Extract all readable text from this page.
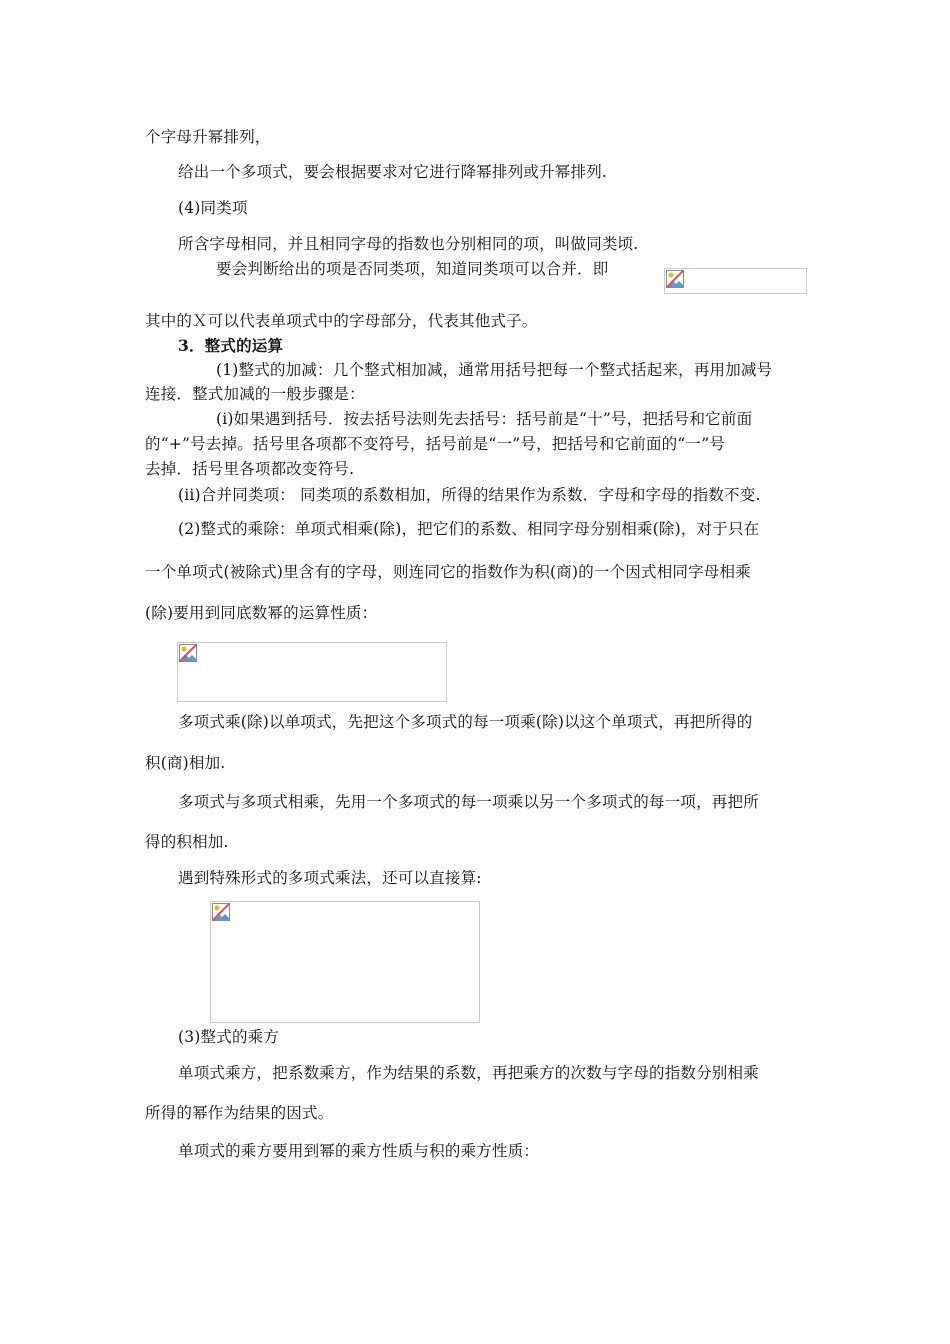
个字母升幂排列，
给出一个多项式，要会根据要求对它进行降幂排列或升幂排列.
(4)同类项
所含字母相同，并且相同字母的指数也分别相同的项，叫做同类顷.
要会判断给出的项是否同类项，知道同类项可以合并．即
其中的Ｘ可以代表单项式中的字母部分，代表其他式子。
3．整式的运算
(1)整式的加减：几个整式相加减，通常用括号把每一个整式括起来，再用加减号
连接．整式加减的一般步骤是：
(i)如果遇到括号．按去括号法则先去括号：括号前是“十”号，把括号和它前面
的“+”号去掉。括号里各项都不变符号，括号前是“一”号，把括号和它前面的“一”号
去掉．括号里各项都改变符号.
(ii)合并同类项： 同类项的系数相加，所得的结果作为系数．字母和字母的指数不变.
(2)整式的乘除：单项式相乘(除)，把它们的系数、相同字母分别相乘(除)，对于只在
一个单项式(被除式)里含有的字母，则连同它的指数作为积(商)的一个因式相同字母相乘
(除)要用到同底数幂的运算性质：
多项式乘(除)以单项式，先把这个多项式的每一项乘(除)以这个单项式，再把所得的
积(商)相加.
多项式与多项式相乘，先用一个多项式的每一项乘以另一个多项式的每一项，再把所
得的积相加.
遇到特殊形式的多项式乘法，还可以直接算:
(3)整式的乘方
单项式乘方，把系数乘方，作为结果的系数，再把乘方的次数与字母的指数分别相乘
所得的幂作为结果的因式。
单项式的乘方要用到幂的乘方性质与积的乘方性质：
